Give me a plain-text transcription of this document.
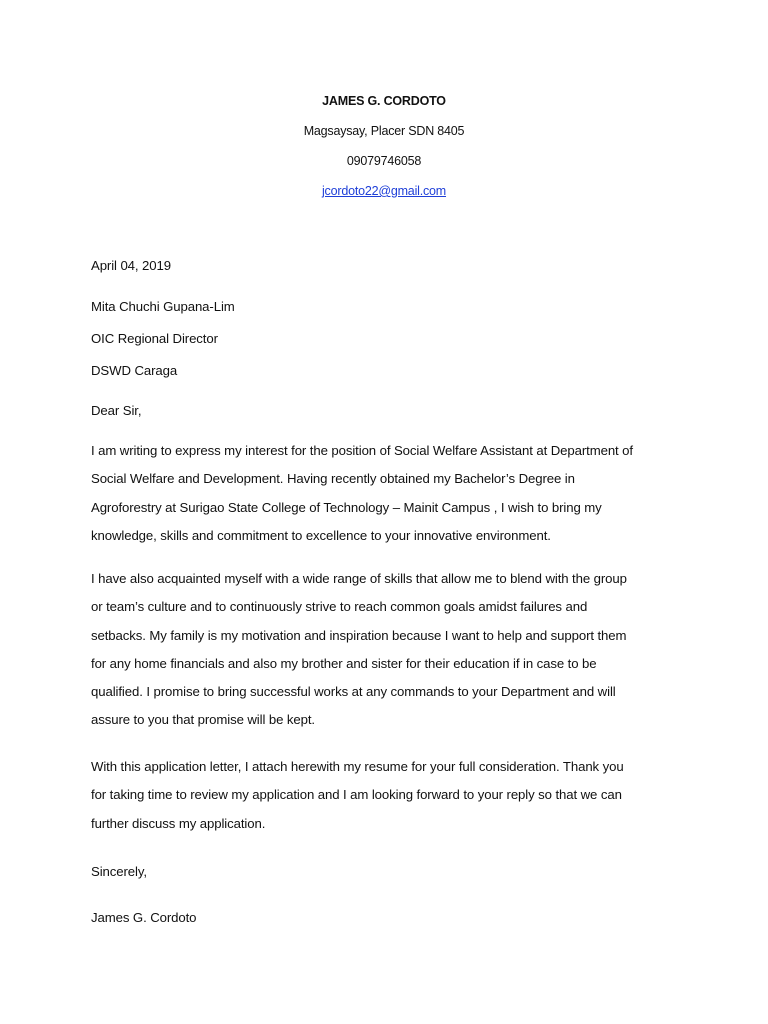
JAMES G. CORDOTO
Magsaysay, Placer SDN 8405
09079746058
jcordoto22@gmail.com
April 04, 2019
Mita Chuchi Gupana-Lim
OIC Regional Director
DSWD Caraga
Dear Sir,
I am writing to express my interest for the position of Social Welfare Assistant at Department of
Social Welfare and Development. Having recently obtained my Bachelor’s Degree in
Agroforestry at Surigao State College of Technology – Mainit Campus , I wish to bring my
knowledge, skills and commitment to excellence to your innovative environment.
I have also acquainted myself with a wide range of skills that allow me to blend with the group
or team’s culture and to continuously strive to reach common goals amidst failures and
setbacks. My family is my motivation and inspiration because I want to help and support them
for any home financials and also my brother and sister for their education if in case to be
qualified. I promise to bring successful works at any commands to your Department and will
assure to you that promise will be kept.
With this application letter, I attach herewith my resume for your full consideration. Thank you
for taking time to review my application and I am looking forward to your reply so that we can
further discuss my application.
Sincerely,
James G. Cordoto
